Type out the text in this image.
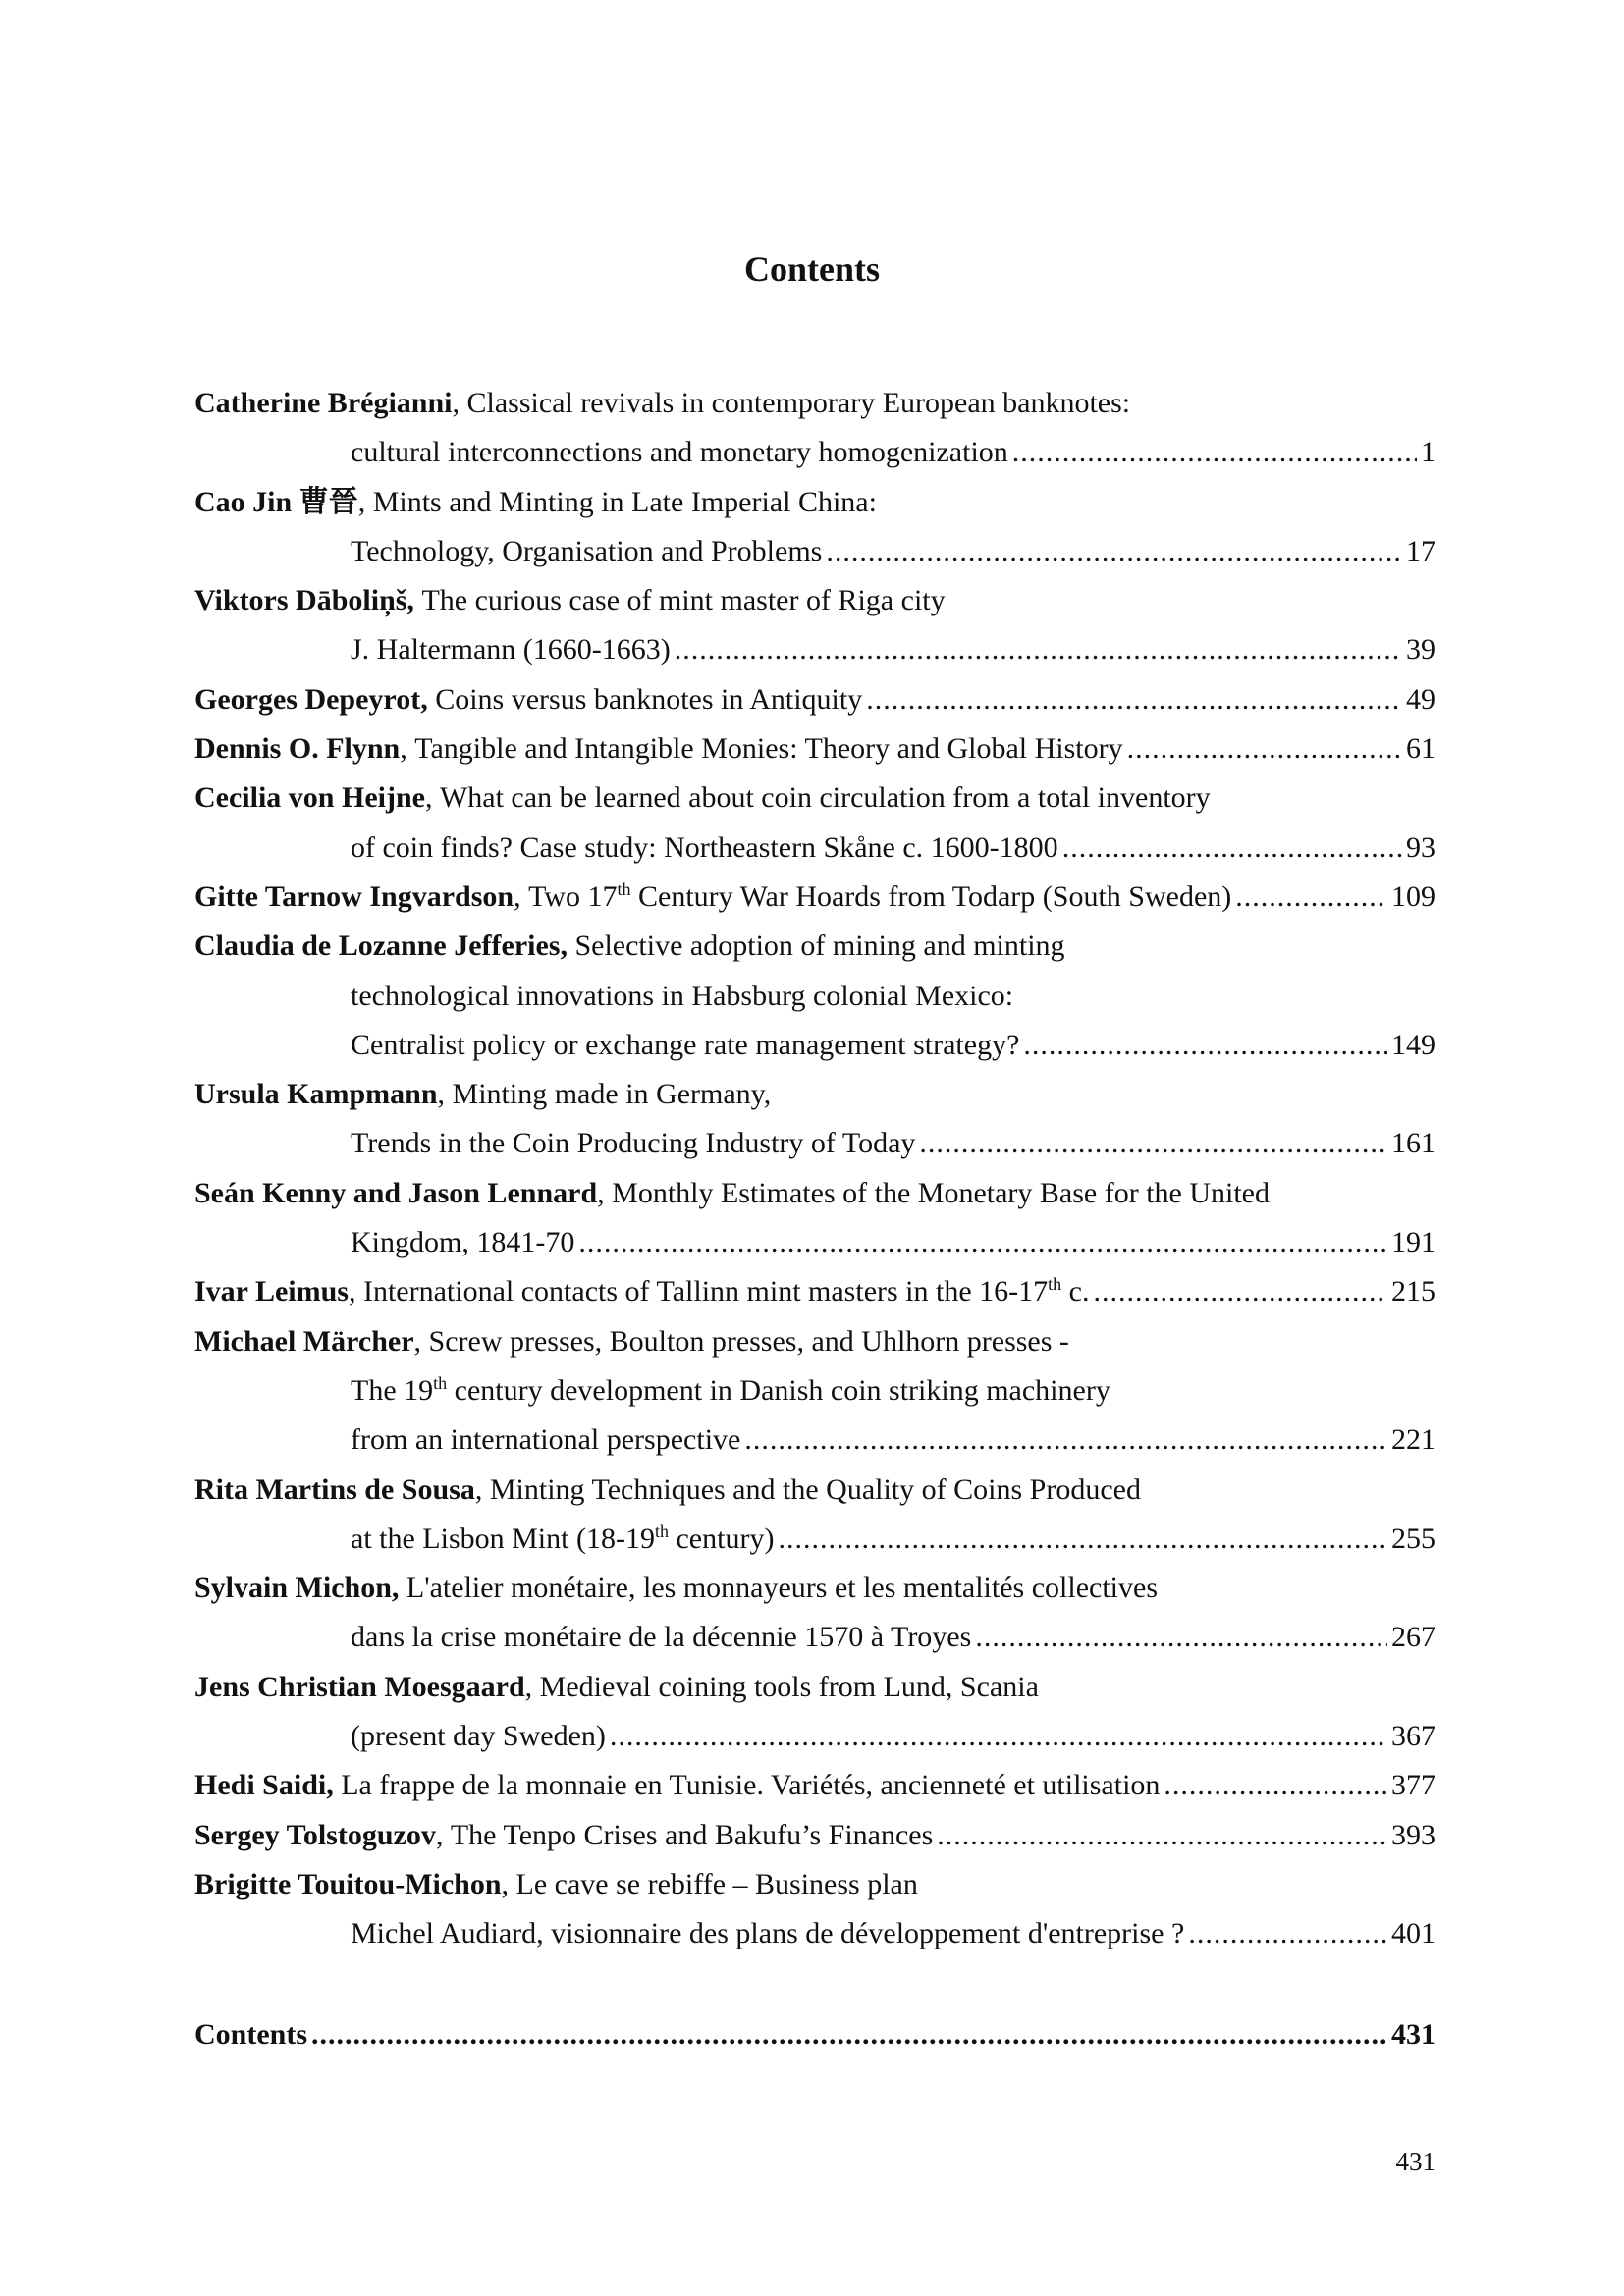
Contents
Catherine Brégianni , Classical revivals in contemporary European banknotes:
cultural interconnections and monetary homogenization .....	1
Cao Jin 曹晉 , Mints and Minting in Late Imperial China:
Technology, Organisation and Problems .....	17
Viktors Dāboliņš,
The curious case of mint master of Riga city
J. Haltermann (1660-1663) .....	39
Georges Depeyrot,
Coins versus banknotes in Antiquity .....	49
Dennis O. Flynn , Tangible and Intangible Monies: Theory and Global History .....	61
Cecilia von Heijne , What can be learned about coin circulation from a total inventory
of coin finds? Case study: Northeastern Skåne c. 1600-1800 .....	93
Gitte Tarnow Ingvardson , Two 17th Century War Hoards from Todarp (South Sweden) .....	109
Claudia de Lozanne Jefferies,
Selective adoption of mining and minting
technological innovations in Habsburg colonial Mexico:
Centralist policy or exchange rate management strategy? .....	149
Ursula Kampmann , Minting made in Germany,
Trends in the Coin Producing Industry of Today .....	161
Seán Kenny and Jason Lennard , Monthly Estimates of the Monetary Base for the United
Kingdom, 1841-70 .....	191
Ivar Leimus , International contacts of Tallinn mint masters in the 16-17th c. .....	215
Michael Märcher , Screw presses, Boulton presses, and Uhlhorn presses -
The 19th century development in Danish coin striking machinery
from an international perspective .....	221
Rita Martins de Sousa , Minting Techniques and the Quality of Coins Produced
at the Lisbon Mint (18-19th century) .....	255
Sylvain Michon,
L'atelier monétaire, les monnayeurs et les mentalités collectives
dans la crise monétaire de la décennie 1570 à Troyes .....	267
Jens Christian Moesgaard , Medieval coining tools from Lund, Scania
(present day Sweden) .....	367
Hedi Saidi,
La frappe de la monnaie en Tunisie. Variétés, ancienneté et utilisation .....	377
Sergey Tolstoguzov , The Tenpo Crises and Bakufu’s Finances .....	393
Brigitte Touitou-Michon , Le cave se rebiffe – Business plan
Michel Audiard, visionnaire des plans de développement d'entreprise ? .....	401
Contents .....	431
431
